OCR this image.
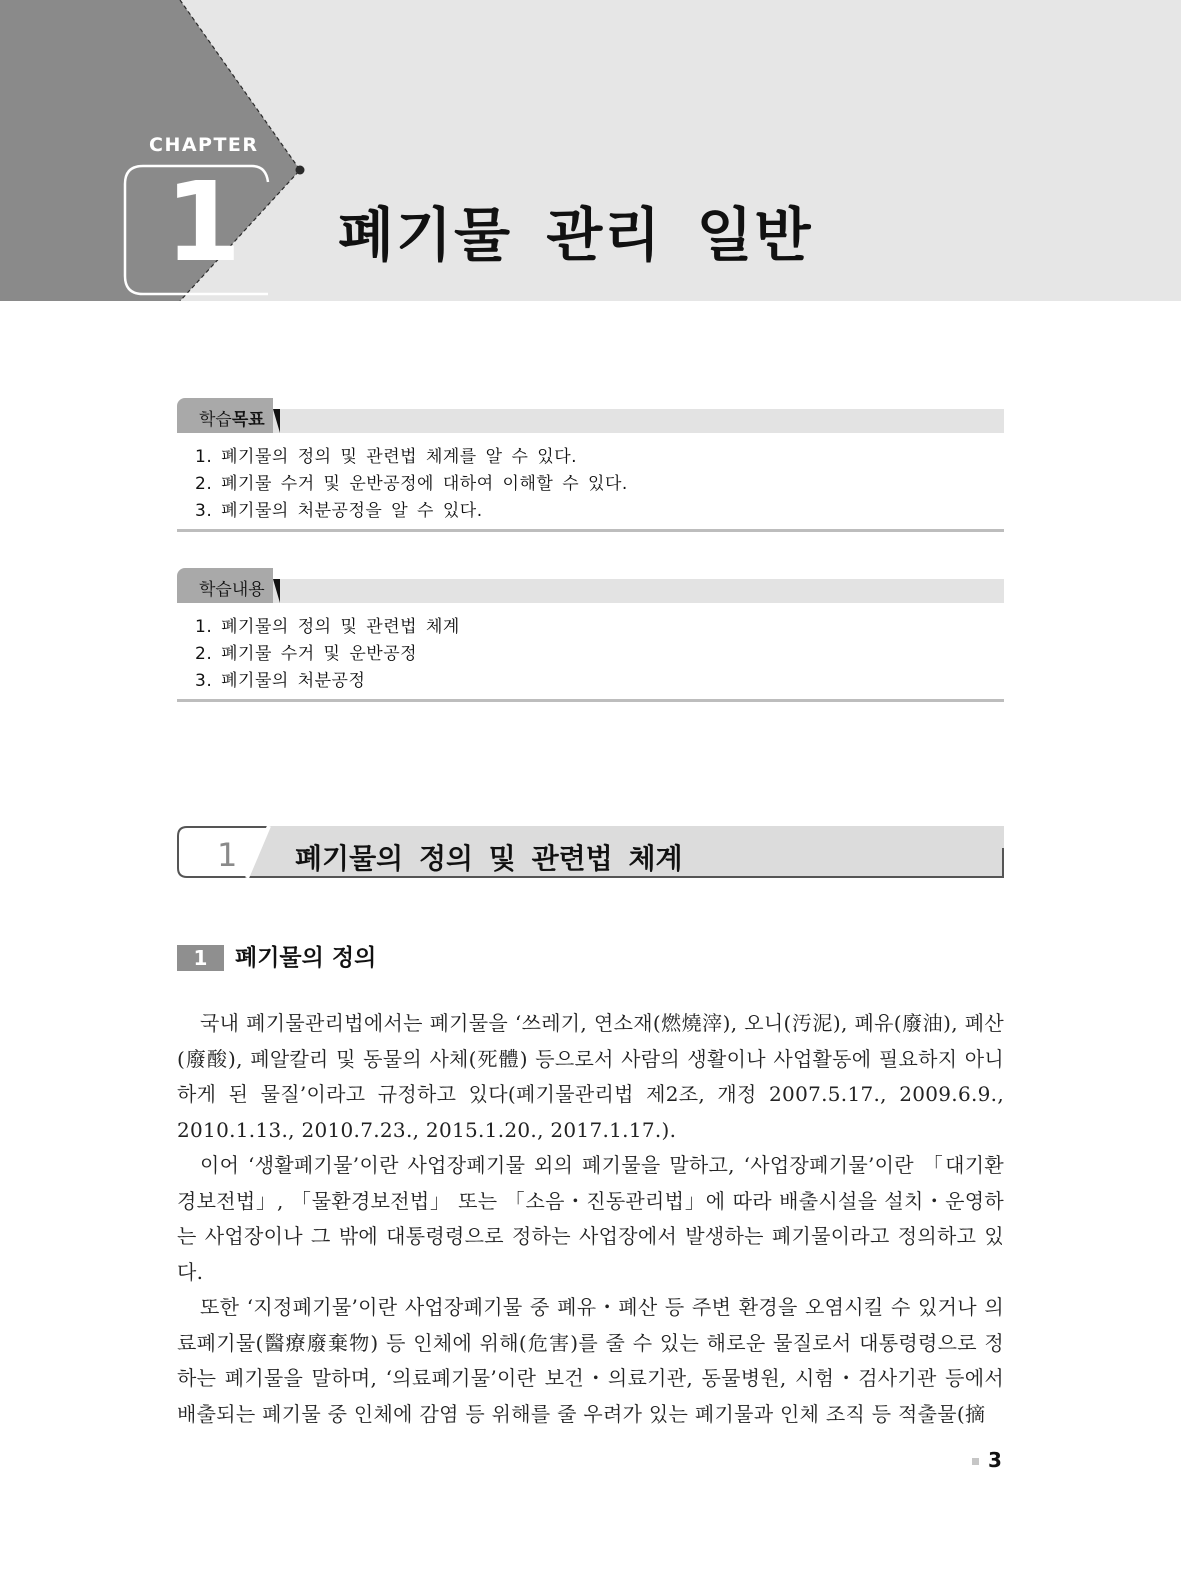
CHAPTER
1 폐기물 관리 일반
학습목표
1. 폐기물의 정의 및 관련법 체계를 알 수 있다.
2. 폐기물 수거 및 운반공정에 대하여 이해할 수 있다.
3. 폐기물의 처분공정을 알 수 있다.
학습내용
1. 폐기물의 정의 및 관련법 체계
2. 폐기물 수거 및 운반공정
3. 폐기물의 처분공정
1 폐기물의 정의 및 관련법 체계
1	폐기물의 정의

국내 폐기물관리법에서는 폐기물을 ‘쓰레기, 연소재(燃燒滓), 오니(汚泥), 폐유(廢油), 폐산(廢酸), 폐알칼리 및 동물의 사체(死體) 등으로서 사람의 생활이나 사업활동에 필요하지 아니하게 된 물질’이라고 규정하고 있다(폐기물관리법 제2조, 개정 2007.5.17., 2009.6.9., 2010.1.13., 2010.7.23., 2015.1.20., 2017.1.17.).

이어 ‘생활폐기물’이란 사업장폐기물 외의 폐기물을 말하고, ‘사업장폐기물’이란 「대기환경보전법」, 「물환경보전법」 또는 「소음・진동관리법」에 따라 배출시설을 설치・운영하는 사업장이나 그 밖에 대통령령으로 정하는 사업장에서 발생하는 폐기물이라고 정의하고 있다.

또한 ‘지정폐기물’이란 사업장폐기물 중 폐유・폐산 등 주변 환경을 오염시킬 수 있거나 의료폐기물(醫療廢棄物) 등 인체에 위해(危害)를 줄 수 있는 해로운 물질로서 대통령령으로 정하는 폐기물을 말하며, ‘의료폐기물’이란 보건・의료기관, 동물병원, 시험・검사기관 등에서 배출되는 폐기물 중 인체에 감염 등 위해를 줄 우려가 있는 폐기물과 인체 조직 등 적출물(摘

3
